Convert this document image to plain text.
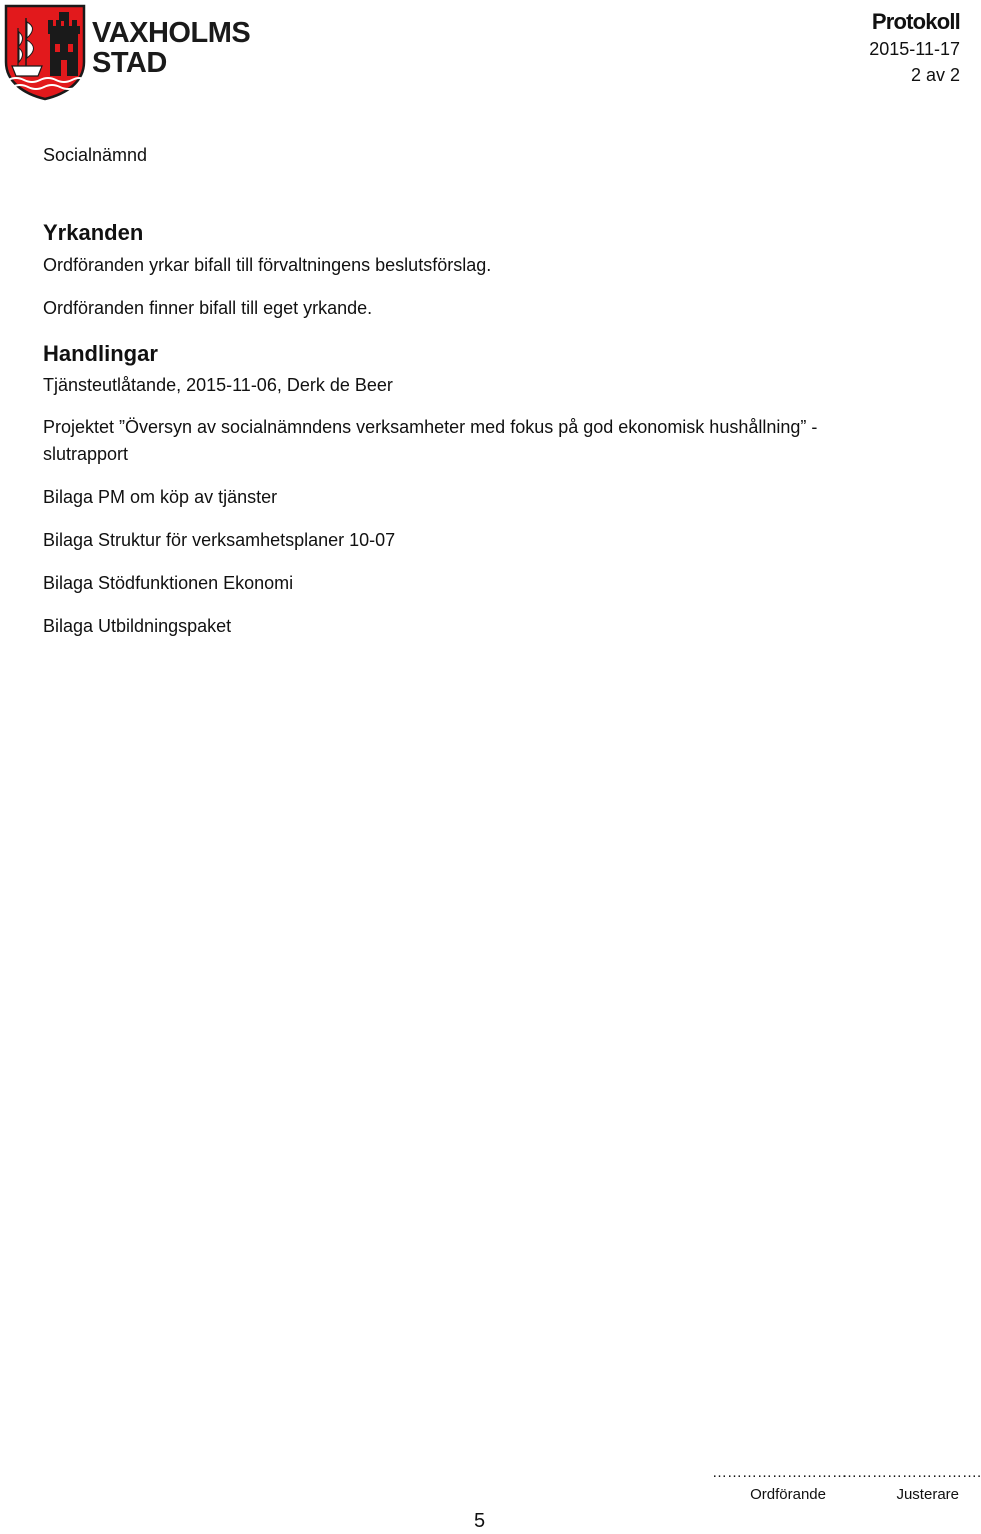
VAXHOLMS
STAD
Protokoll
2015-11-17
2 av 2
Socialnämnd
Yrkanden
Ordföranden yrkar bifall till förvaltningens beslutsförslag.
Ordföranden finner bifall till eget yrkande.
Handlingar
Tjänsteutlåtande, 2015-11-06, Derk de Beer
Projektet ”Översyn av socialnämndens verksamheter med fokus på god ekonomisk hushållning” - slutrapport
Bilaga PM om köp av tjänster
Bilaga Struktur för verksamhetsplaner 10-07
Bilaga Stödfunktionen Ekonomi
Bilaga Utbildningspaket
………………………
Ordförande
……………………….
Justerare
5
